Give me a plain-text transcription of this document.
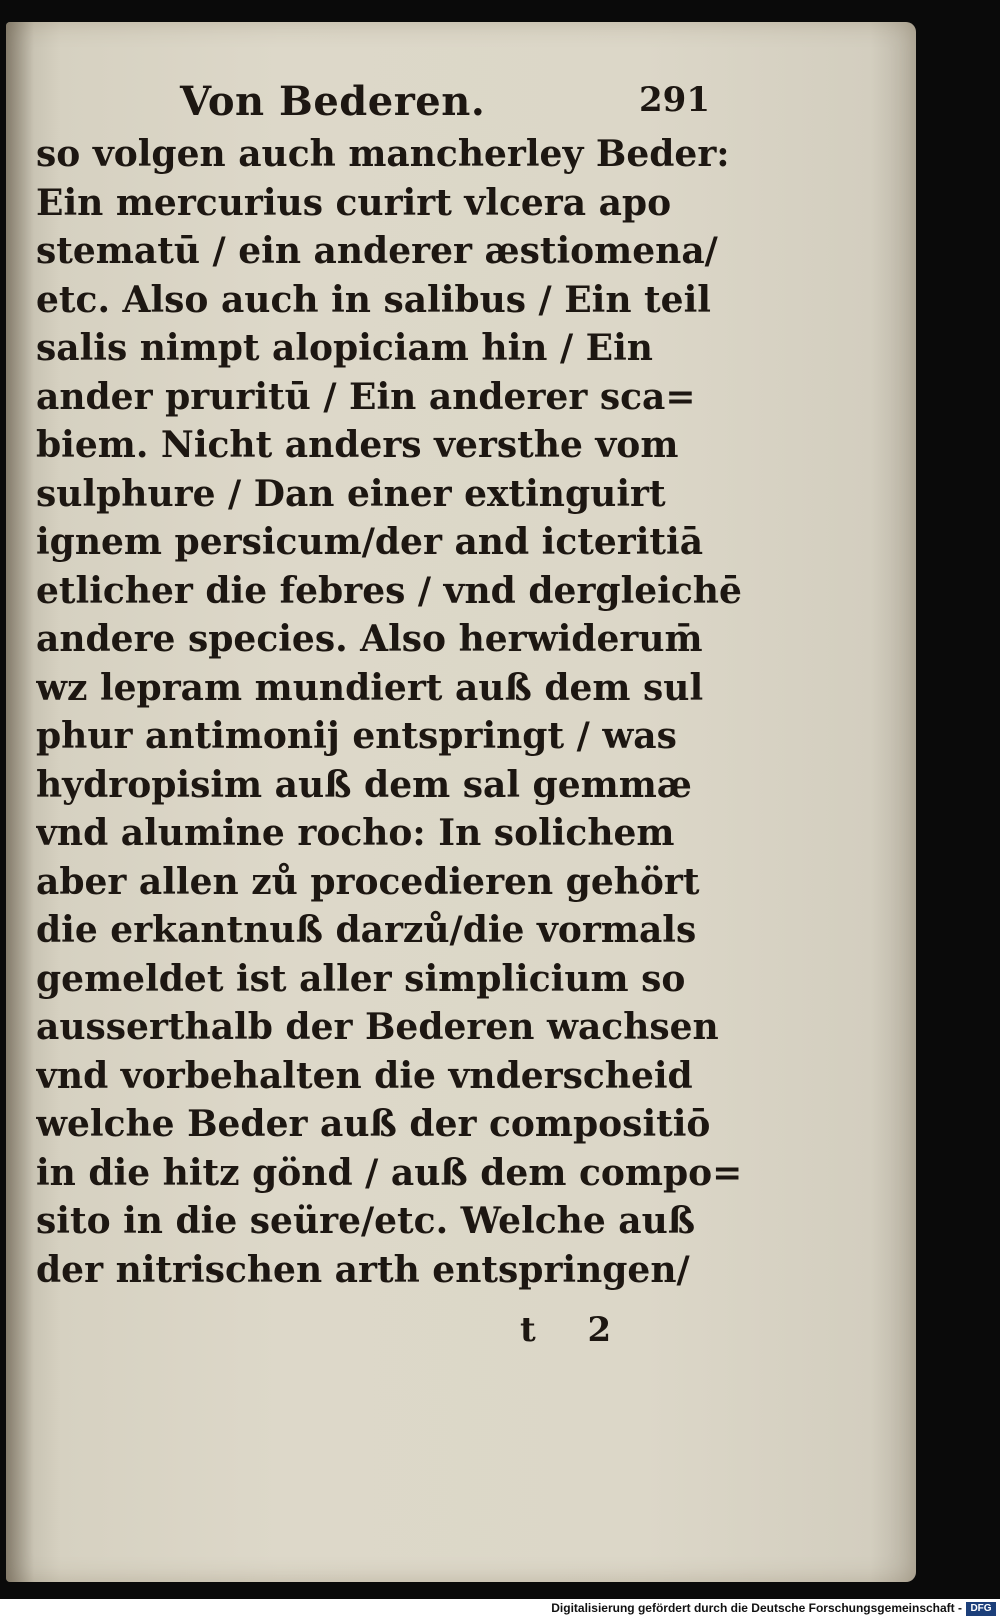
Von Bederen.	291
so volgen auch mancherley Beder:
Ein mercurius curirt vlcera apo
stematū / ein anderer æstiomena/
etc. Also auch in salibus / Ein teil
salis nimpt alopiciam hin / Ein
ander pruritū / Ein anderer sca=
biem. Nicht anders versthe vom
sulphure / Dan einer extinguirt
ignem persicum/der and icteritiā
etlicher die febres / vnd dergleichē
andere species. Also herwiderum̄
wz lepram mundiert auß dem sul
phur antimonij entspringt / was
hydropisim auß dem sal gemmæ
vnd alumine rocho: In solichem
aber allen zů procedieren gehört
die erkantnuß darzů/die vormals
gemeldet ist aller simplicium so
ausserthalb der Bederen wachsen
vnd vorbehalten die vnderscheid
welche Beder auß der compositiō
in die hitz gönd / auß dem compo=
sito in die seüre/etc. Welche auß
der nitrischen arth entspringen/
t 2
Digitalisierung gefördert durch die Deutsche Forschungsgemeinschaft - DFG
